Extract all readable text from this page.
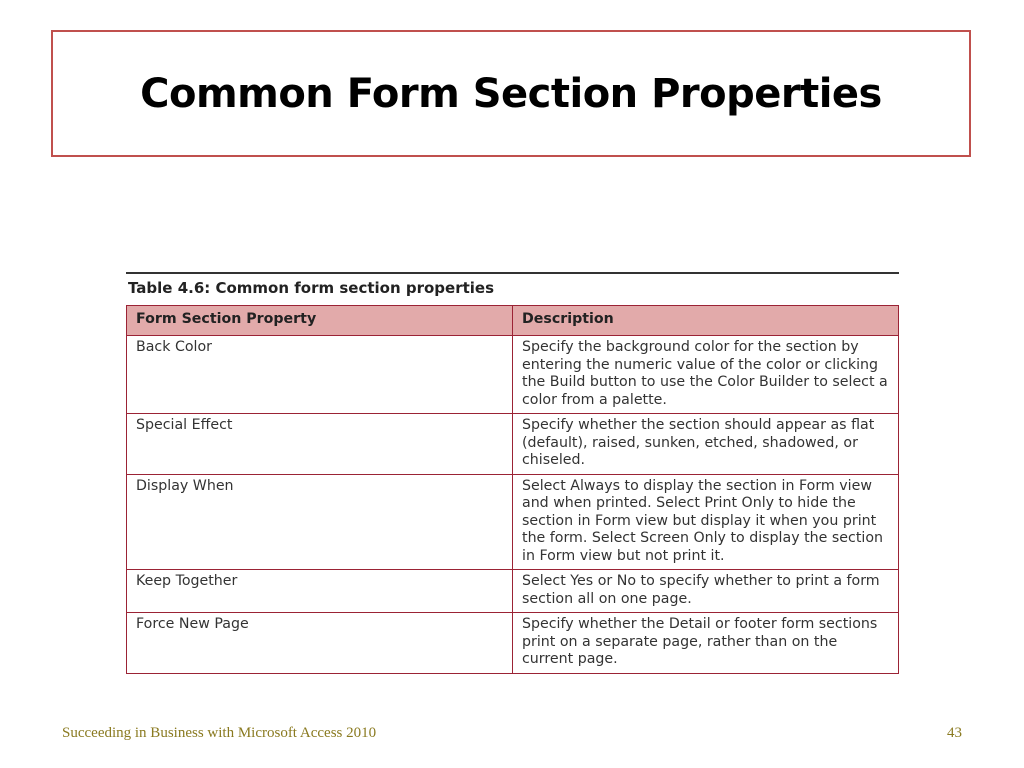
Common Form Section Properties
Table 4.6: Common form section properties
Form Section Property	Description
Back Color	Specify the background color for the section by entering the numeric value of the color or clicking the Build button to use the Color Builder to select a color from a palette.
Special Effect	Specify whether the section should appear as flat (default), raised, sunken, etched, shadowed, or chiseled.
Display When	Select Always to display the section in Form view and when printed. Select Print Only to hide the section in Form view but display it when you print the form. Select Screen Only to display the section in Form view but not print it.
Keep Together	Select Yes or No to specify whether to print a form section all on one page.
Force New Page	Specify whether the Detail or footer form sections print on a separate page, rather than on the current page.
Succeeding in Business with Microsoft Access 2010	43
